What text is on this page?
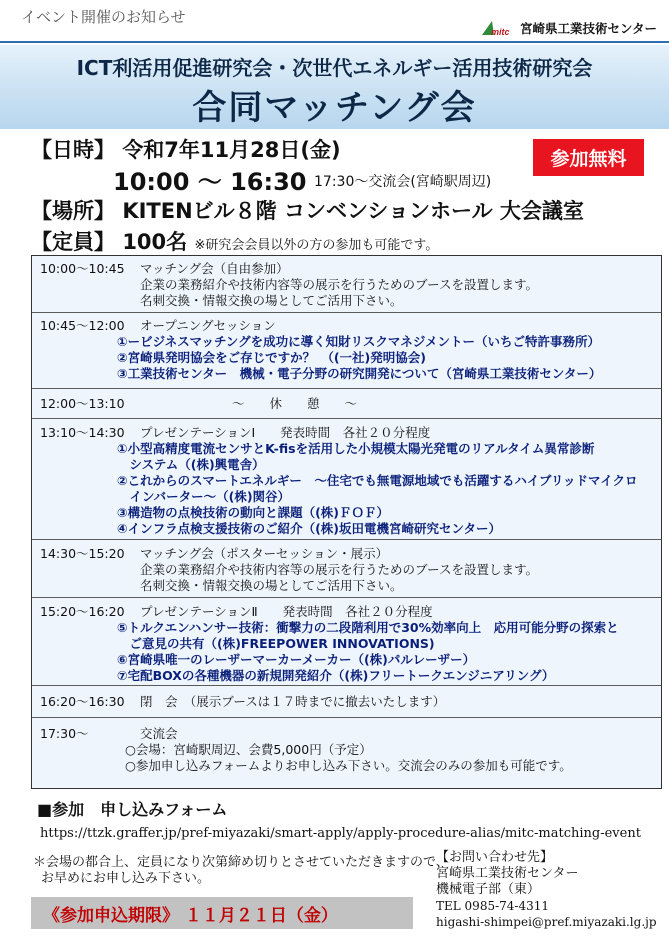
イベント開催のお知らせ
mitc 宮崎県工業技術センター
ICT利活用促進研究会・次世代エネルギー活用技術研究会
合同マッチング会
【日時】 令和7年11月28日(金)	参加無料
10:00 ～ 16:30 17:30～交流会(宮崎駅周辺)
【場所】 KITENビル８階 コンベンションホール 大会議室
【定員】 100名 ※研究会会員以外の方の参加も可能です。
10:00～10:45 マッチング会（自由参加）
企業の業務紹介や技術内容等の展示を行うためのブースを設置します。
名刺交換・情報交換の場としてご活用下さい。
10:45～12:00 オープニングセッション
①ービジネスマッチングを成功に導く知財リスクマネジメントー（いちご特許事務所）
②宮崎県発明協会をご存じですか？　（(一社)発明協会)
③工業技術センター　機械・電子分野の研究開発について（宮崎県工業技術センター）
12:00～13:10	～　　休　　憩　　～
13:10～14:30 プレゼンテーションⅠ　　発表時間　各社２０分程度
①小型高精度電流センサとK-fisを活用した小規模太陽光発電のリアルタイム異常診断
　システム（(株)興電舎）
②これからのスマートエネルギー　～住宅でも無電源地域でも活躍するハイブリッドマイクロ
　インバーター～（(株)関谷）
③構造物の点検技術の動向と課題（(株)ＦＯＦ）
④インフラ点検支援技術のご紹介（(株)坂田電機宮崎研究センター）
14:30～15:20 マッチング会（ポスターセッション・展示）
企業の業務紹介や技術内容等の展示を行うためのブースを設置します。
名刺交換・情報交換の場としてご活用下さい。
15:20～16:20 プレゼンテーションⅡ　　発表時間　各社２０分程度
⑤トルクエンハンサー技術：衝撃力の二段階利用で30%効率向上　応用可能分野の探索と
　ご意見の共有（(株)FREEPOWER INNOVATIONS)
⑥宮崎県唯一のレーザーマーカーメーカー（(株)パルレーザー）
⑦宅配BOXの各種機器の新規開発紹介（(株)フリートークエンジニアリング）
16:20～16:30 閉　会　（展示ブースは１７時までに撤去いたします）
17:30～	交流会
○会場：宮崎駅周辺、会費5,000円（予定）
○参加申し込みフォームよりお申し込み下さい。交流会のみの参加も可能です。
■参加　申し込みフォーム
https://ttzk.graffer.jp/pref-miyazaki/smart-apply/apply-procedure-alias/mitc-matching-event
＊会場の都合上、定員になり次第締め切りとさせていただきますので、
お早めにお申し込み下さい。
《参加申込期限》 １１月２１日（金）
【お問い合わせ先】
宮崎県工業技術センター
機械電子部（東）
TEL 0985-74-4311
higashi-shimpei@pref.miyazaki.lg.jp
